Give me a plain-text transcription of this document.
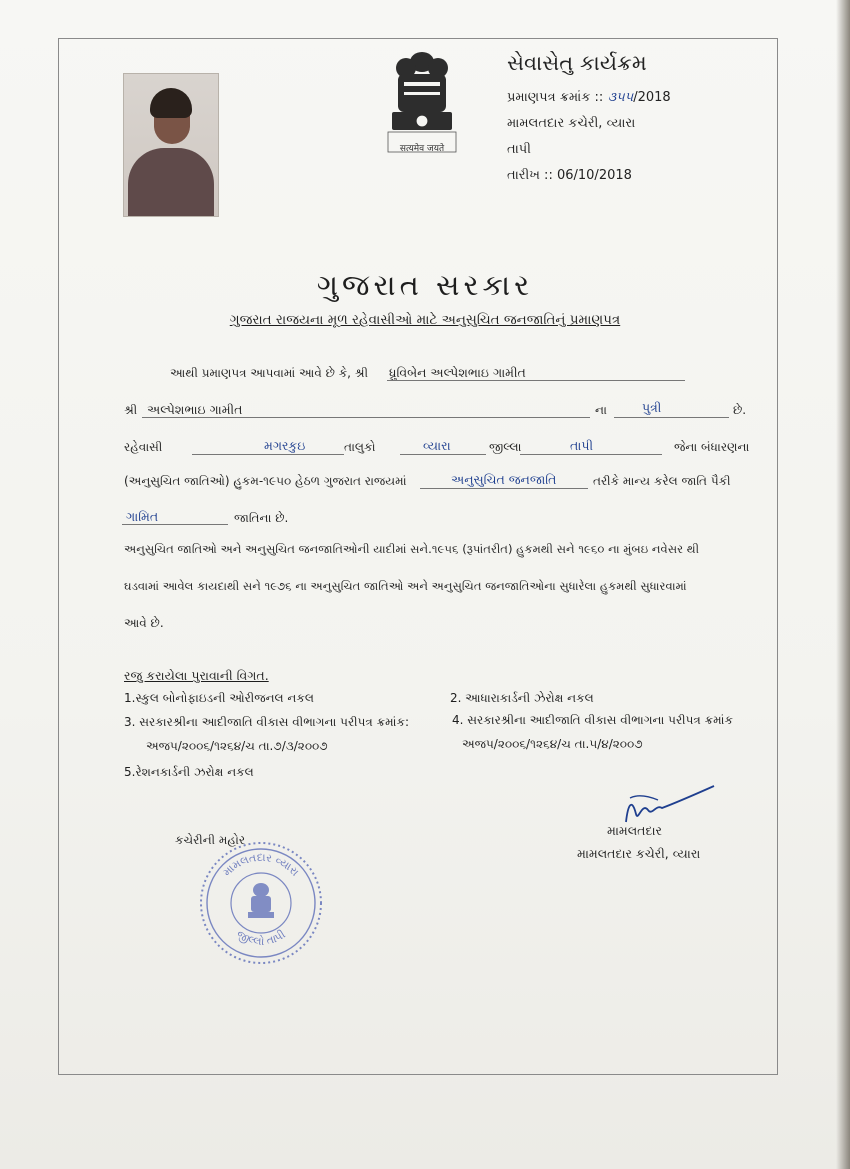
सत्यमेव जयते
સેવાસેતુ કાર્યક્રમ
પ્રમાણપત્ર ક્રમાંક :: ૩૫૫/2018
મામલતદાર કચેરી, વ્યારા
તાપી
તારીખ :: 06/10/2018
ગુજરાત સરકાર
ગુજરાત રાજયના મૂળ રહેવાસીઓ માટે અનુસુચિત જનજાતિનું પ્રમાણપત્ર
આથી પ્રમાણપત્ર આપવામાં આવે છે કે, શ્રી ધ્રુવિબેન અલ્પેશભાઇ ગામીત
શ્રી અલ્પેશભાઇ ગામીત	ના	પુત્રી	છે.
રહેવાસી	મગરકુઇ	તાલુકો	વ્યારા	જીલ્લા	તાપી	જેના બંધારણના
(અનુસુચિત જાતિઓ) હુકમ-૧૯૫૦ હેઠળ ગુજરાત રાજયમાં	અનુસુચિત જનજાતિ	તરીકે માન્ય કરેલ જાતિ પૈકી
ગામિત	જાતિના છે.
અનુસુચિત જાતિઓ અને અનુસુચિત જનજાતિઓની યાદીમાં સને.૧૯૫૬ (રૂપાંતરીત) હુકમથી સને ૧૯૬૦ ના મુંબઇ નવેસર થી
ઘડવામાં આવેલ કાયદાથી સને ૧૯૭૬ ના અનુસુચિત જાતિઓ અને અનુસુચિત જનજાતિઓના સુધારેલા હુકમથી સુધારવામાં
આવે છે.
રજુ કરાયેલા પુરાવાની વિગત.
1.સ્કુલ બોનોફાઇડની ઓરીજનલ નકલ	2. આધારાકાર્ડની ઝેરોક્ષ નકલ
3. સરકારશ્રીના આદીજાતિ વીકાસ વીભાગના પરીપત્ર ક્રમાંક:	4. સરકારશ્રીના આદીજાતિ વીકાસ વીભાગના પરીપત્ર ક્રમાંક
અજપ/૨૦૦૬/૧૨૬૪/ચ તા.૭/૩/૨૦૦૭	અજપ/૨૦૦૬/૧૨૬૪/ચ તા.૫/૪/૨૦૦૭
5.રેશનકાર્ડની ઝરોક્ષ નકલ
કચેરીની મહોર
મામલતદાર વ્યારા
જીલ્લો તાપી
મામલતદાર
મામલતદાર કચેરી, વ્યારા
